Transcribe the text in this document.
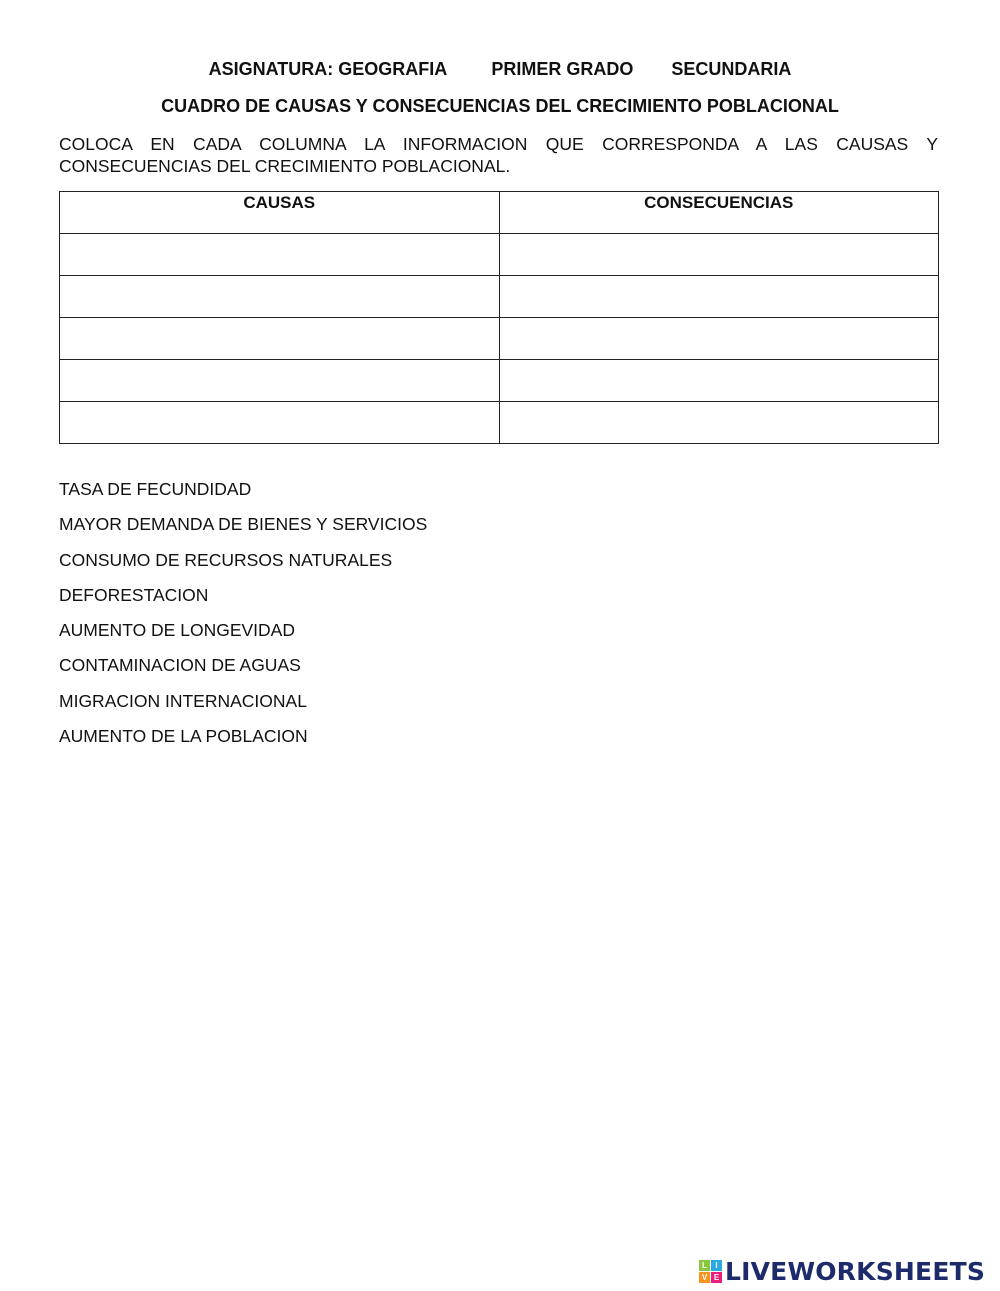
ASIGNATURA: GEOGRAFIA PRIMER GRADO SECUNDARIA
CUADRO DE CAUSAS Y CONSECUENCIAS DEL CRECIMIENTO POBLACIONAL
COLOCA EN CADA COLUMNA LA INFORMACION QUE CORRESPONDA A LAS CAUSAS Y CONSECUENCIAS DEL CRECIMIENTO POBLACIONAL.
CAUSAS	CONSECUENCIAS

TASA DE FECUNDIDAD
MAYOR DEMANDA DE BIENES Y SERVICIOS
CONSUMO DE RECURSOS NATURALES
DEFORESTACION
AUMENTO DE LONGEVIDAD
CONTAMINACION DE AGUAS
MIGRACION INTERNACIONAL
AUMENTO DE LA POBLACION
L	I
V E LIVEWORKSHEETS
